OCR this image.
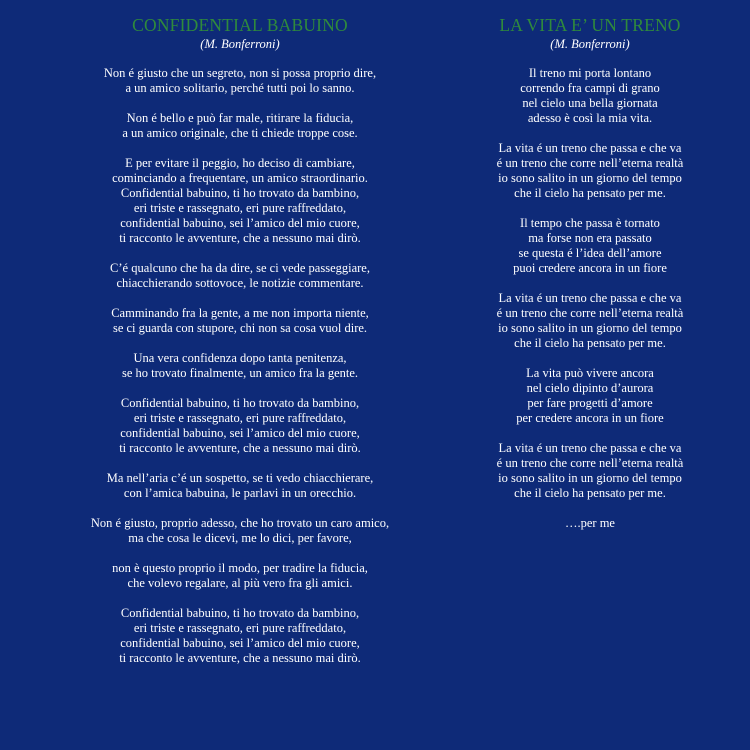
CONFIDENTIAL BABUINO
(M. Bonferroni)
Non é giusto che un segreto, non si possa proprio dire,
a un amico solitario, perché tutti poi lo sanno.
Non é bello e può far male, ritirare la fiducia,
a un amico originale, che ti chiede troppe cose.
E per evitare il peggio, ho deciso di cambiare,
cominciando a frequentare, un amico straordinario.
Confidential babuino, ti ho trovato da bambino,
eri triste e rassegnato, eri pure raffreddato,
confidential babuino, sei l’amico del mio cuore,
ti racconto le avventure, che a nessuno mai dirò.
C’é qualcuno che ha da dire, se ci vede passeggiare,
chiacchierando sottovoce, le notizie commentare.
Camminando fra la gente, a me non importa niente,
se ci guarda con stupore, chi non sa cosa vuol dire.
Una vera confidenza dopo tanta penitenza,
se ho trovato finalmente, un amico fra la gente.
Confidential babuino, ti ho trovato da bambino,
eri triste e rassegnato, eri pure raffreddato,
confidential babuino, sei l’amico del mio cuore,
ti racconto le avventure, che a nessuno mai dirò.
Ma nell’aria c’é un sospetto, se ti vedo chiacchierare,
con l’amica babuina, le parlavi in un orecchio.
Non é giusto, proprio adesso, che ho trovato un caro amico,
ma che cosa le dicevi, me lo dici, per favore,
non è questo proprio il modo, per tradire la fiducia,
che volevo regalare, al più vero fra gli amici.
Confidential babuino, ti ho trovato da bambino,
eri triste e rassegnato, eri pure raffreddato,
confidential babuino, sei l’amico del mio cuore,
ti racconto le avventure, che a nessuno mai dirò.
LA VITA E’ UN TRENO
(M. Bonferroni)
Il treno mi porta lontano
correndo fra campi di grano
nel cielo una bella giornata
adesso è così la mia vita.
La vita é un treno che passa e che va
é un treno che corre nell’eterna realtà
io sono salito in un giorno del tempo
che il cielo ha pensato per me.
Il tempo che passa è tornato
ma forse non era passato
se questa é l’idea dell’amore
puoi credere ancora in un fiore
La vita é un treno che passa e che va
é un treno che corre nell’eterna realtà
io sono salito in un giorno del tempo
che il cielo ha pensato per me.
La vita può vivere ancora
nel cielo dipinto d’aurora
per fare progetti d’amore
per credere ancora in un fiore
La vita é un treno che passa e che va
é un treno che corre nell’eterna realtà
io sono salito in un giorno del tempo
che il cielo ha pensato per me.
….per me
